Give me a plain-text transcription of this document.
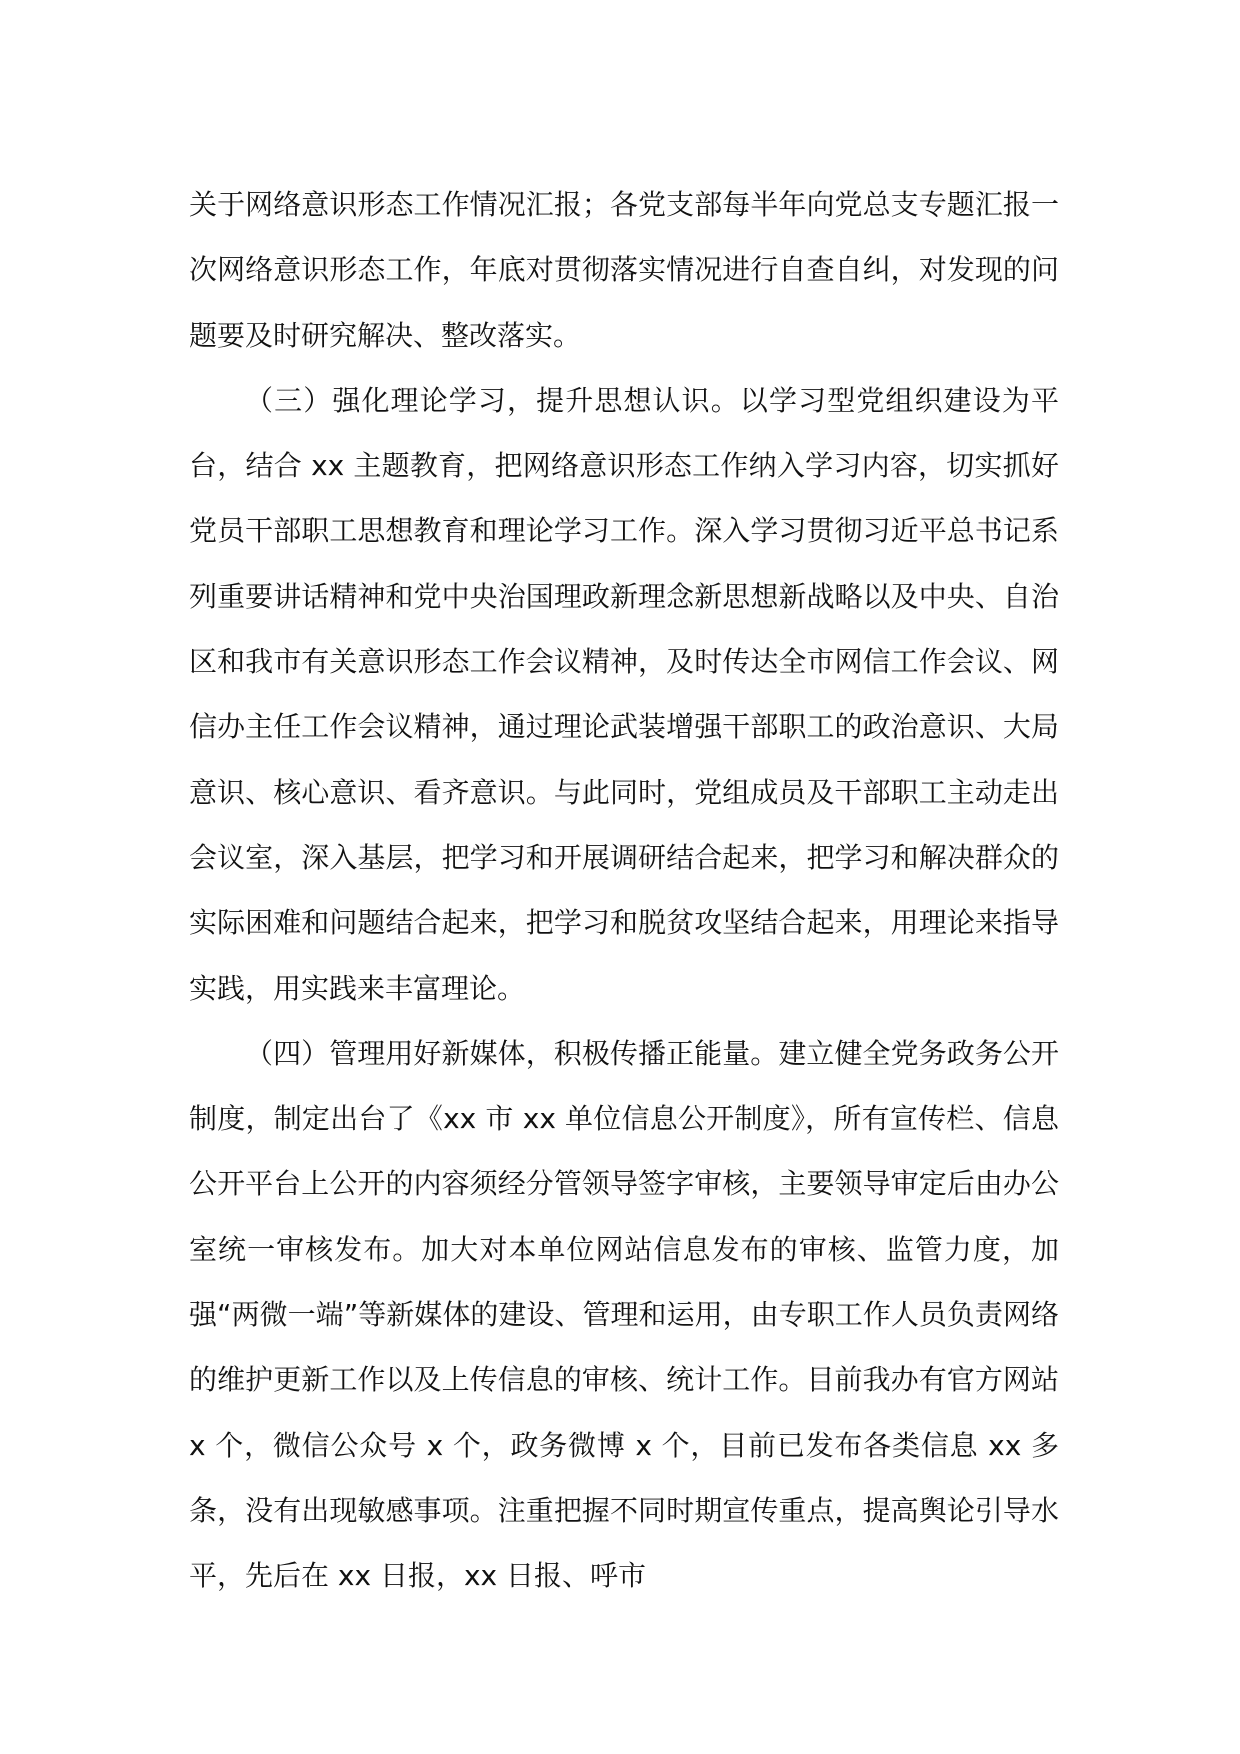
关于网络意识形态工作情况汇报；各党支部每半年向党总支专题汇报一次网络意识形态工作，年底对贯彻落实情况进行自查自纠，对发现的问题要及时研究解决、整改落实。

（三）强化理论学习，提升思想认识。以学习型党组织建设为平台，结合 xx 主题教育，把网络意识形态工作纳入学习内容，切实抓好党员干部职工思想教育和理论学习工作。深入学习贯彻习近平总书记系列重要讲话精神和党中央治国理政新理念新思想新战略以及中央、自治区和我市有关意识形态工作会议精神，及时传达全市网信工作会议、网信办主任工作会议精神，通过理论武装增强干部职工的政治意识、大局意识、核心意识、看齐意识。与此同时，党组成员及干部职工主动走出会议室，深入基层，把学习和开展调研结合起来，把学习和解决群众的实际困难和问题结合起来，把学习和脱贫攻坚结合起来，用理论来指导实践，用实践来丰富理论。

（四）管理用好新媒体，积极传播正能量。建立健全党务政务公开制度，制定出台了《xx 市 xx 单位信息公开制度》，所有宣传栏、信息公开平台上公开的内容须经分管领导签字审核，主要领导审定后由办公室统一审核发布。加大对本单位网站信息发布的审核、监管力度，加强“两微一端”等新媒体的建设、管理和运用，由专职工作人员负责网络的维护更新工作以及上传信息的审核、统计工作。目前我办有官方网站 x 个，微信公众号 x 个，政务微博 x 个，目前已发布各类信息 xx 多条，没有出现敏感事项。注重把握不同时期宣传重点，提高舆论引导水平，先后在 xx 日报，xx 日报、呼市
